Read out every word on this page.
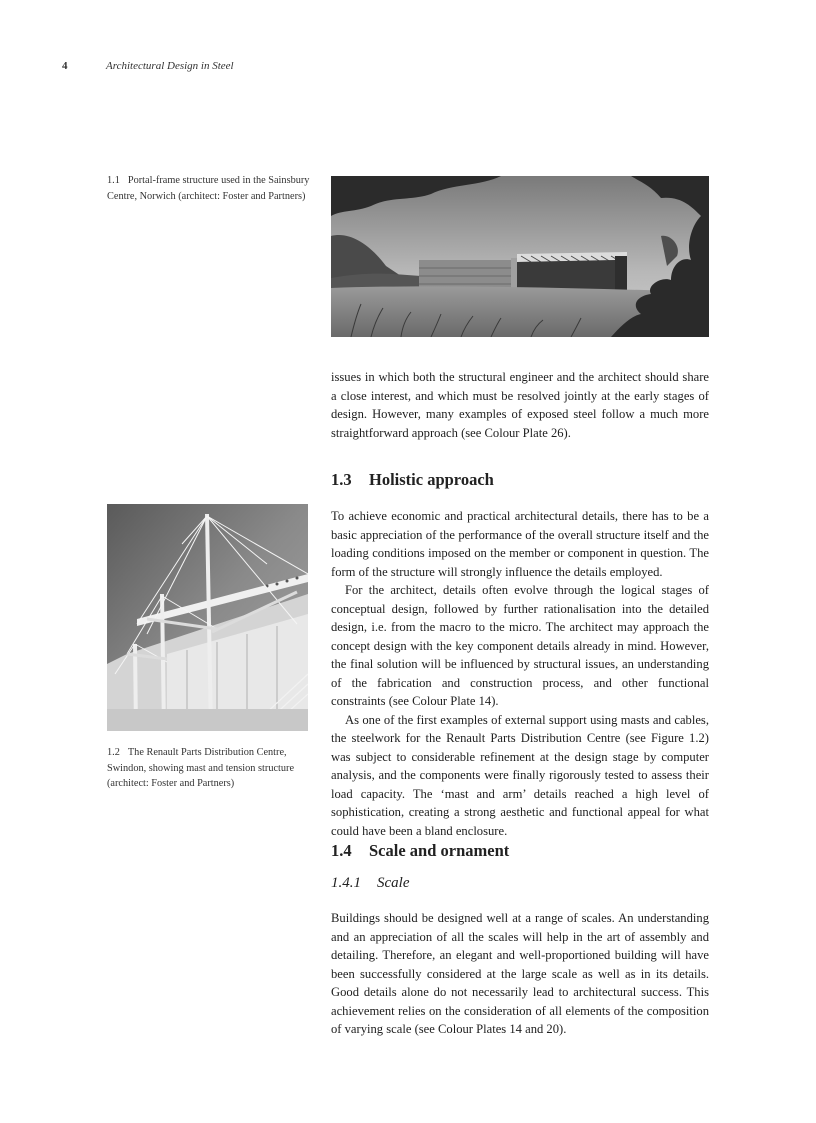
4	Architectural Design in Steel
1.1 Portal-frame structure used in the Sainsbury Centre, Norwich (architect: Foster and Partners)

issues in which both the structural engineer and the architect should share a close interest, and which must be resolved jointly at the early stages of design. However, many examples of exposed steel follow a much more straightforward approach (see Colour Plate 26).

1.3 Holistic approach

To achieve economic and practical architectural details, there has to be a basic appreciation of the performance of the overall structure itself and the loading conditions imposed on the member or component in question. The form of the structure will strongly influence the details employed.

For the architect, details often evolve through the logical stages of conceptual design, followed by further rationalisation into the detailed design, i.e. from the macro to the micro. The architect may approach the concept design with the key component details already in mind. However, the final solution will be influenced by structural issues, an understanding of the fabrication and construction process, and other functional constraints (see Colour Plate 14).

As one of the first examples of external support using masts and cables, the steelwork for the Renault Parts Distribution Centre (see Figure 1.2) was subject to considerable refinement at the design stage by computer analysis, and the components were finally rigorously tested to assess their load capacity. The ‘mast and arm’ details reached a high level of sophistication, creating a strong aesthetic and functional appeal for what could have been a bland enclosure.

1.2 The Renault Parts Distribution Centre, Swindon, showing mast and tension structure (architect: Foster and Partners)
1.4 Scale and ornament
1.4.1 Scale

Buildings should be designed well at a range of scales. An understanding and an appreciation of all the scales will help in the art of assembly and detailing. Therefore, an elegant and well-proportioned building will have been successfully considered at the large scale as well as in its details. Good details alone do not necessarily lead to architectural success. This achievement relies on the consideration of all elements of the composition of varying scale (see Colour Plates 14 and 20).
